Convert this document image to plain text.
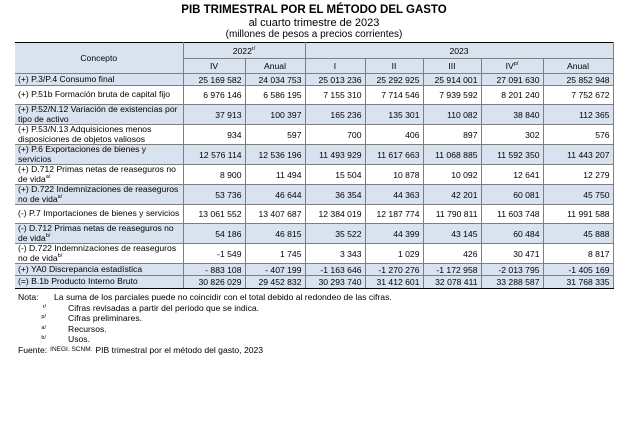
PIB TRIMESTRAL POR EL MÉTODO DEL GASTO
al cuarto trimestre de 2023
(millones de pesos a precios corrientes)
Concepto	$2022^{r/}$		2023				
	IV	Anual	I	II	III	$IV^{p/}$	Anual
(+) P.3/P.4 Consumo final	25 169 582	24 034 753	25 013 236	25 292 925	25 914 001	27 091 630	25 852 948
(+) P.51b Formación bruta de capital fijo	6 976 146	6 586 195	7 155 310	7 714 546	7 939 592	8 201 240	7 752 672
(+) P.52/N.12 Variación de existencias por tipo de activo	37 913	100 397	165 236	135 301	110 082	38 840	112 365
(+) P.53/N.13 Adquisiciones menos disposiciones de objetos valiosos	934	597	700	406	897	302	576
(+) P.6 Exportaciones de bienes y servicios	12 576 114	12 536 196	11 493 929	11 617 663	11 068 885	11 592 350	11 443 207
(+) D.712 Primas netas de reaseguros no de vida$^{a/}$	8 900	11 494	15 504	10 878	10 092	12 641	12 279
(+) D.722 Indemnizaciones de reaseguros no de vida$^{a/}$	53 736	46 644	36 354	44 363	42 201	60 081	45 750
(-) P.7 Importaciones de bienes y servicios	13 061 552	13 407 687	12 384 019	12 187 774	11 790 811	11 603 748	11 991 588
(-) D.712 Primas netas de reaseguros no de vida$^{b/}$	54 186	46 815	35 522	44 399	43 145	60 484	45 888
(-) D.722 Indemnizaciones de reaseguros no de vida$^{b/}$	-1 549	1 745	3 343	1 029	426	30 471	8 817
(+) YA0 Discrepancia estadística	- 883 108	- 407 199	-1 163 646	-1 270 276	-1 172 958	-2 013 795	-1 405 169
(=) B.1b Producto Interno Bruto	30 826 029	29 452 832	30 293 740	31 412 601	32 078 411	33 288 587	31 768 335
Nota:	La suma de los parciales puede no coincidir con el total debido al redondeo de las cifras.
r/	Cifras revisadas a partir del periodo que se indica.
p/	Cifras preliminares.
a/	Recursos.
b/	Usos.
Fuente: INEGI. SCNM. PIB trimestral por el método del gasto, 2023
